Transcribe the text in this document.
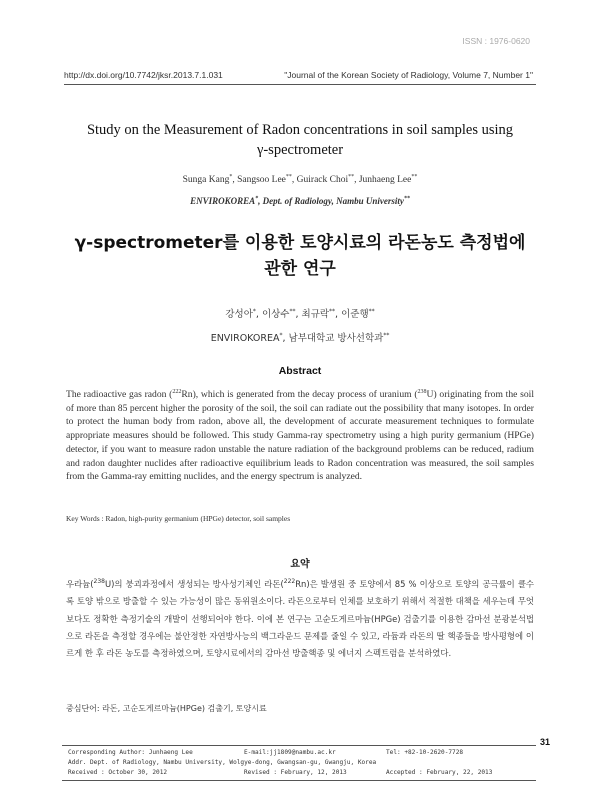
ISSN : 1976-0620
http://dx.doi.org/10.7742/jksr.2013.7.1.031	"Journal of the Korean Society of Radiology, Volume 7, Number 1"
Study on the Measurement of Radon concentrations in soil samples using
γ-spectrometer
Sunga Kang*, Sangsoo Lee**, Guirack Choi**, Junhaeng Lee**
ENVIROKOREA*, Dept. of Radiology, Nambu University**
γ-spectrometer를 이용한 토양시료의 라돈농도 측정법에
관한 연구
강성아*, 이상수**, 최규락**, 이준행**
ENVIROKOREA*, 남부대학교 방사선학과**
Abstract
The radioactive gas radon ($^{222}$Rn), which is generated from the decay process of uranium ($^{238}$U) originating from the soil of more than 85 percent higher the porosity of the soil, the soil can radiate out the possibility that many isotopes. In order to protect the human body from radon, above all, the development of accurate measurement techniques to formulate appropriate measures should be followed. This study Gamma-ray spectrometry using a high purity germanium (HPGe) detector, if you want to measure radon unstable the nature radiation of the background problems can be reduced, radium and radon daughter nuclides after radioactive equilibrium leads to Radon concentration was measured, the soil samples from the Gamma-ray emitting nuclides, and the energy spectrum is analyzed.
Key Words : Radon, high-purity germanium (HPGe) detector, soil samples
요약
우라늄($^{238}$U)의 붕괴과정에서 생성되는 방사성기체인 라돈($^{222}$Rn)은 발생원 중 토양에서 85 % 이상으로 토양의 공극률이 클수록 토양 밖으로 방출할 수 있는 가능성이 많은 동위원소이다. 라돈으로부터 인체를 보호하기 위해서 적절한 대책을 세우는데 무엇보다도 정확한 측정기술의 개발이 선행되어야 한다. 이에 본 연구는 고순도게르마늄(HPGe) 검출기를 이용한 감마선 분광분석법으로 라돈을 측정할 경우에는 불안정한 자연방사능의 백그라운드 문제를 줄일 수 있고, 라듐과 라돈의 딸 핵종들을 방사평형에 이르게 한 후 라돈 농도를 측정하였으며, 토양시료에서의 감마선 방출핵종 및 에너지 스펙트럼을 분석하였다.
중심단어: 라돈, 고순도게르마늄(HPGe) 검출기, 토양시료
31
Corresponding Author: Junhaeng Lee	E-mail:jj1809@nambu.ac.kr	Tel: +82-10-2620-7728
Addr. Dept. of Radiology, Nambu University, Wolgye-dong, Gwangsan-gu, Gwangju, Korea
Received : October 30, 2012	Revised : February, 12, 2013	Accepted : February, 22, 2013
